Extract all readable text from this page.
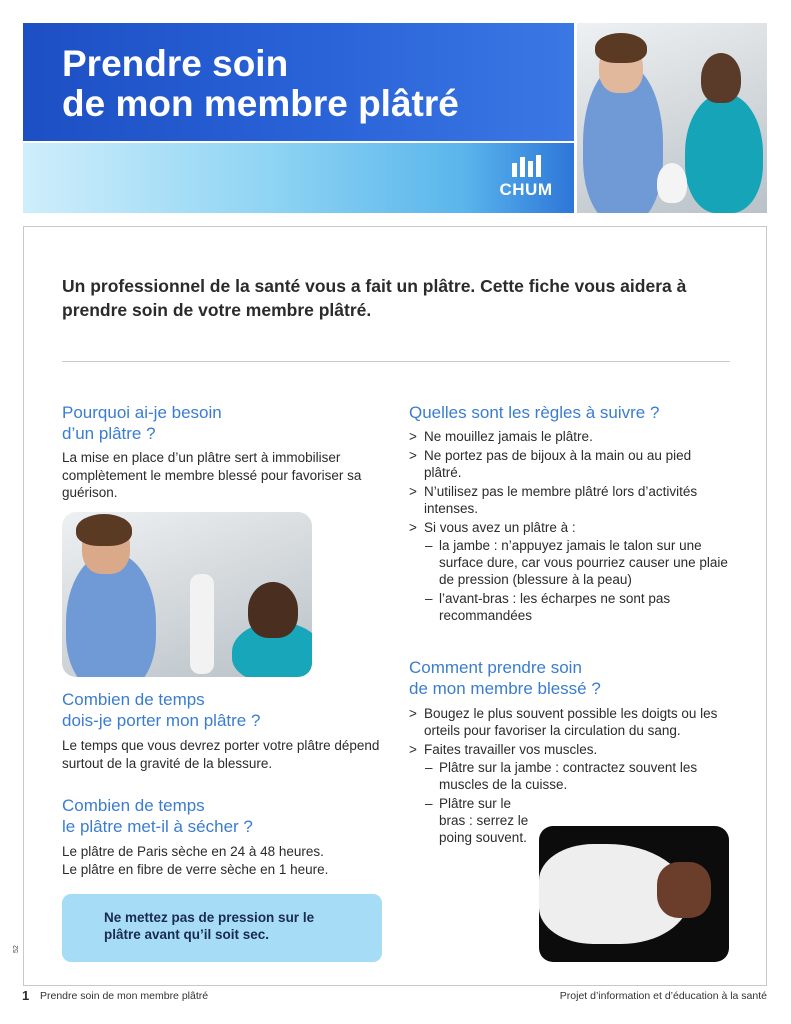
Prendre soin
de mon membre plâtré
CHUM
Un professionnel de la santé vous a fait un plâtre. Cette fiche vous aidera à prendre soin de votre membre plâtré.
Pourquoi ai-je besoin
d’un plâtre ?
La mise en place d’un plâtre sert à immobiliser complètement le membre blessé pour favoriser sa guérison.
Combien de temps
dois-je porter mon plâtre ?
Le temps que vous devrez porter votre plâtre dépend surtout de la gravité de la blessure.
Combien de temps
le plâtre met-il à sécher ?
Le plâtre de Paris sèche en 24 à 48 heures.
Le plâtre en fibre de verre sèche en 1 heure.
Ne mettez pas de pression sur le plâtre avant qu’il soit sec.
Quelles sont les règles à suivre ?
> Ne mouillez jamais le plâtre.
> Ne portez pas de bijoux à la main ou au pied plâtré.
> N’utilisez pas le membre plâtré lors d’activités intenses.
> Si vous avez un plâtre à :
– la jambe : n’appuyez jamais le talon sur une surface dure, car vous pourriez causer une plaie de pression (blessure à la peau)
– l’avant-bras : les écharpes ne sont pas recommandées
Comment prendre soin
de mon membre blessé ?
> Bougez le plus souvent possible les doigts ou les orteils pour favoriser la circulation du sang.
> Faites travailler vos muscles.
– Plâtre sur la jambe : contractez souvent les muscles de la cuisse.
– Plâtre sur le bras : serrez le poing souvent.
52
1 Prendre soin de mon membre plâtré	Projet d’information et d’éducation à la santé
